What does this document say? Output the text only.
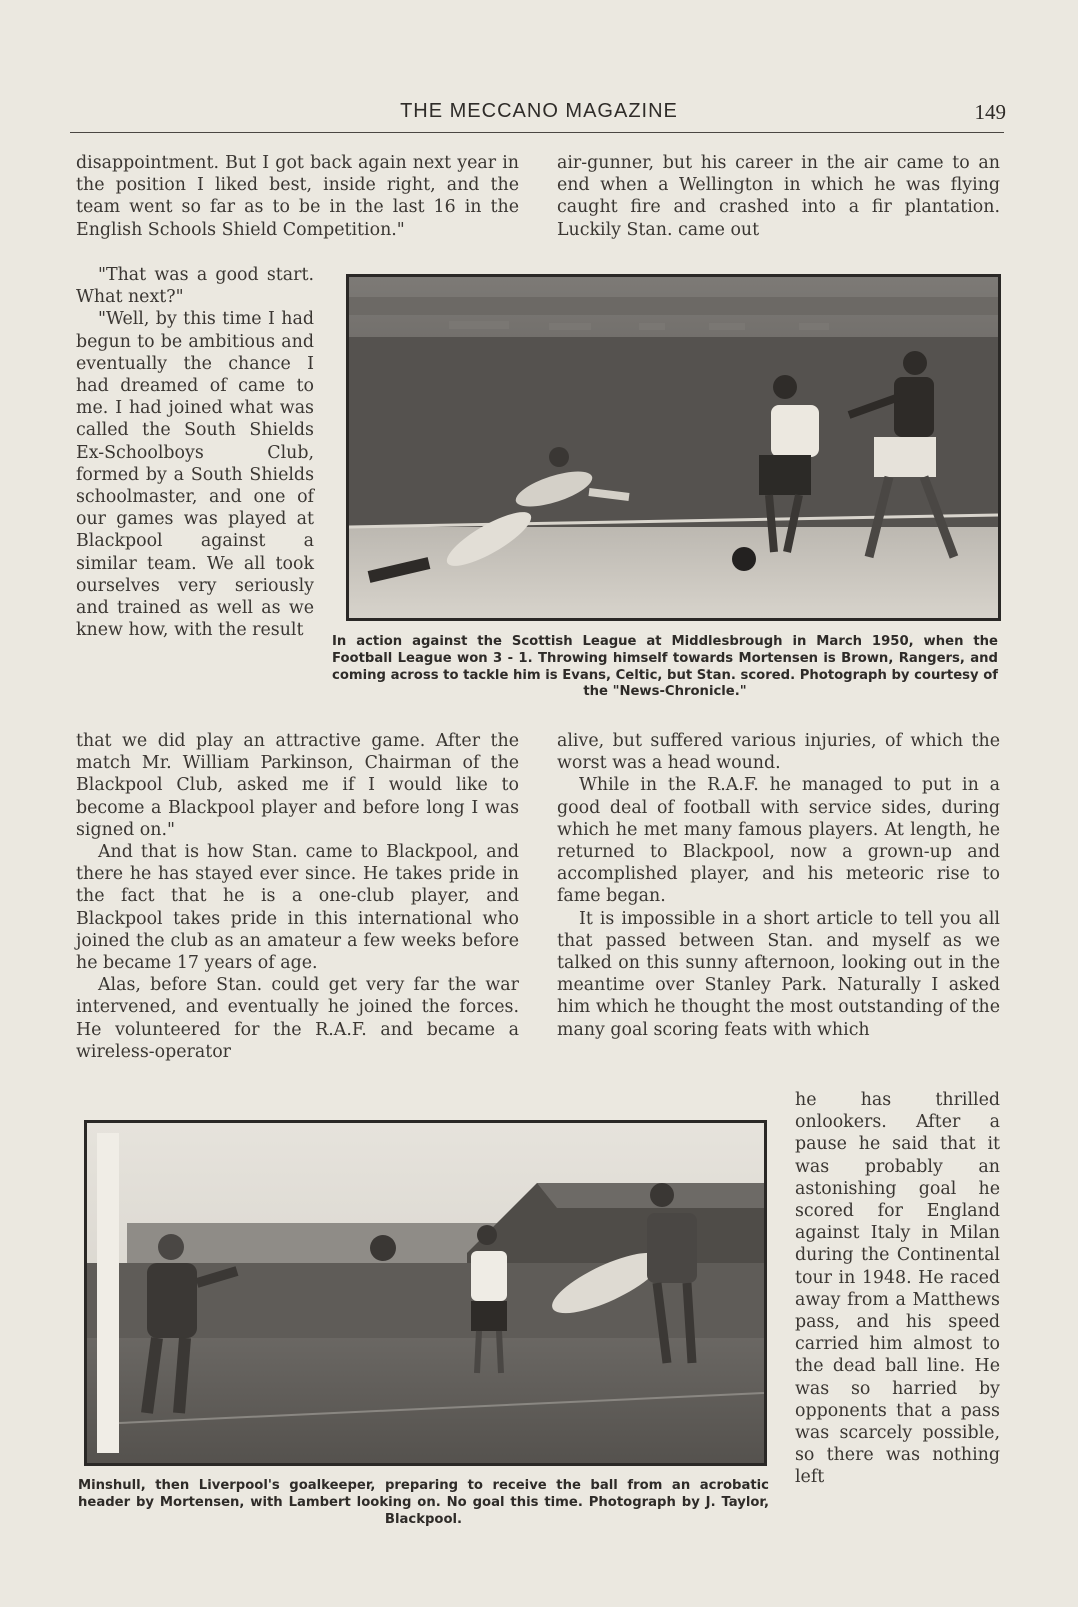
THE MECCANO MAGAZINE	149

disappointment. But I got back again next year in the position I liked best, inside right, and the team went so far as to be in the last 16 in the English Schools Shield Competition."

"That was a good start. What next?"

"Well, by this time I had begun to be ambitious and eventually the chance I had dreamed of came to me. I had joined what was called the South Shields Ex-Schoolboys Club, formed by a South Shields schoolmaster, and one of our games was played at Blackpool against a similar team. We all took ourselves very seriously and trained as well as we knew how, with the result

that we did play an attractive game. After the match Mr. William Parkinson, Chairman of the Blackpool Club, asked me if I would like to become a Blackpool player and before long I was signed on."

And that is how Stan. came to Blackpool, and there he has stayed ever since. He takes pride in the fact that he is a one-club player, and Blackpool takes pride in this international who joined the club as an amateur a few weeks before he became 17 years of age.

Alas, before Stan. could get very far the war intervened, and eventually he joined the forces. He volunteered for the R.A.F. and became a wireless-operator

air-gunner, but his career in the air came to an end when a Wellington in which he was flying caught fire and crashed into a fir plantation. Luckily Stan. came out

alive, but suffered various injuries, of which the worst was a head wound.

While in the R.A.F. he managed to put in a good deal of football with service sides, during which he met many famous players. At length, he returned to Blackpool, now a grown-up and accomplished player, and his meteoric rise to fame began.

It is impossible in a short article to tell you all that passed between Stan. and myself as we talked on this sunny afternoon, looking out in the meantime over Stanley Park. Naturally I asked him which he thought the most outstanding of the many goal scoring feats with which

he has thrilled onlookers. After a pause he said that it was probably an astonishing goal he scored for England against Italy in Milan during the Continental tour in 1948. He raced away from a Matthews pass, and his speed carried him almost to the dead ball line. He was so harried by opponents that a pass was scarcely possible, so there was nothing left

In action against the Scottish League at Middlesbrough in March 1950, when the Football League won 3 - 1. Throwing himself towards Mortensen is Brown, Rangers, and coming across to tackle him is Evans, Celtic, but Stan. scored. Photograph by courtesy of the "News-Chronicle."

Minshull, then Liverpool's goalkeeper, preparing to receive the ball from an acrobatic header by Mortensen, with Lambert looking on. No goal this time. Photograph by J. Taylor, Blackpool.
